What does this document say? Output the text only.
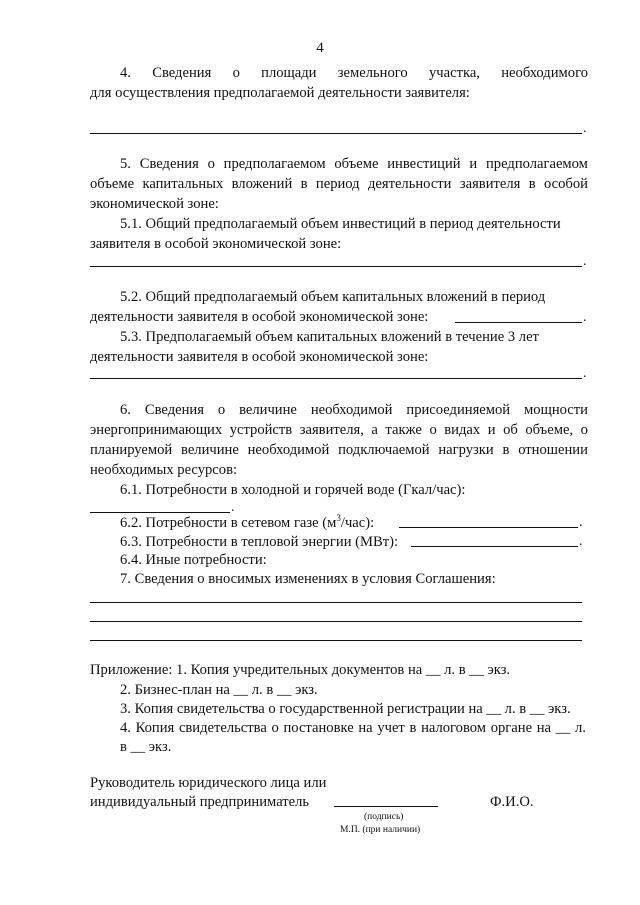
4
4. Сведения о площади земельного участка, необходимого
для осуществления предполагаемой деятельности заявителя:
.
5. Сведения о предполагаемом объеме инвестиций и предполагаемом
объеме капитальных вложений в период деятельности заявителя в особой
экономической зоне:
5.1. Общий предполагаемый объем инвестиций в период деятельности
заявителя в особой экономической зоне:
.
5.2. Общий предполагаемый объем капитальных вложений в период
деятельности заявителя в особой экономической зоне:	.
5.3. Предполагаемый объем капитальных вложений в течение 3 лет
деятельности заявителя в особой экономической зоне:
.
6. Сведения о величине необходимой присоединяемой мощности
энергопринимающих устройств заявителя, а также о видах и об объеме, о
планируемой величине необходимой подключаемой нагрузки в отношении
необходимых ресурсов:
6.1. Потребности в холодной и горячей воде (Гкал/час):
.
6.2. Потребности в сетевом газе $(м^3/час)$:	.
6.3. Потребности в тепловой энергии (МВт):	.
6.4. Иные потребности:
7. Сведения о вносимых изменениях в условия Соглашения:
Приложение: 1. Копия учредительных документов на __ л. в __ экз.
2. Бизнес-план на __ л. в __ экз.
3. Копия свидетельства о государственной регистрации на __ л. в __ экз.
4. Копия свидетельства о постановке на учет в налоговом органе на __ л.
в __ экз.
Руководитель юридического лица или
индивидуальный предприниматель	Ф.И.О.
(подпись)
М.П. (при наличии)
